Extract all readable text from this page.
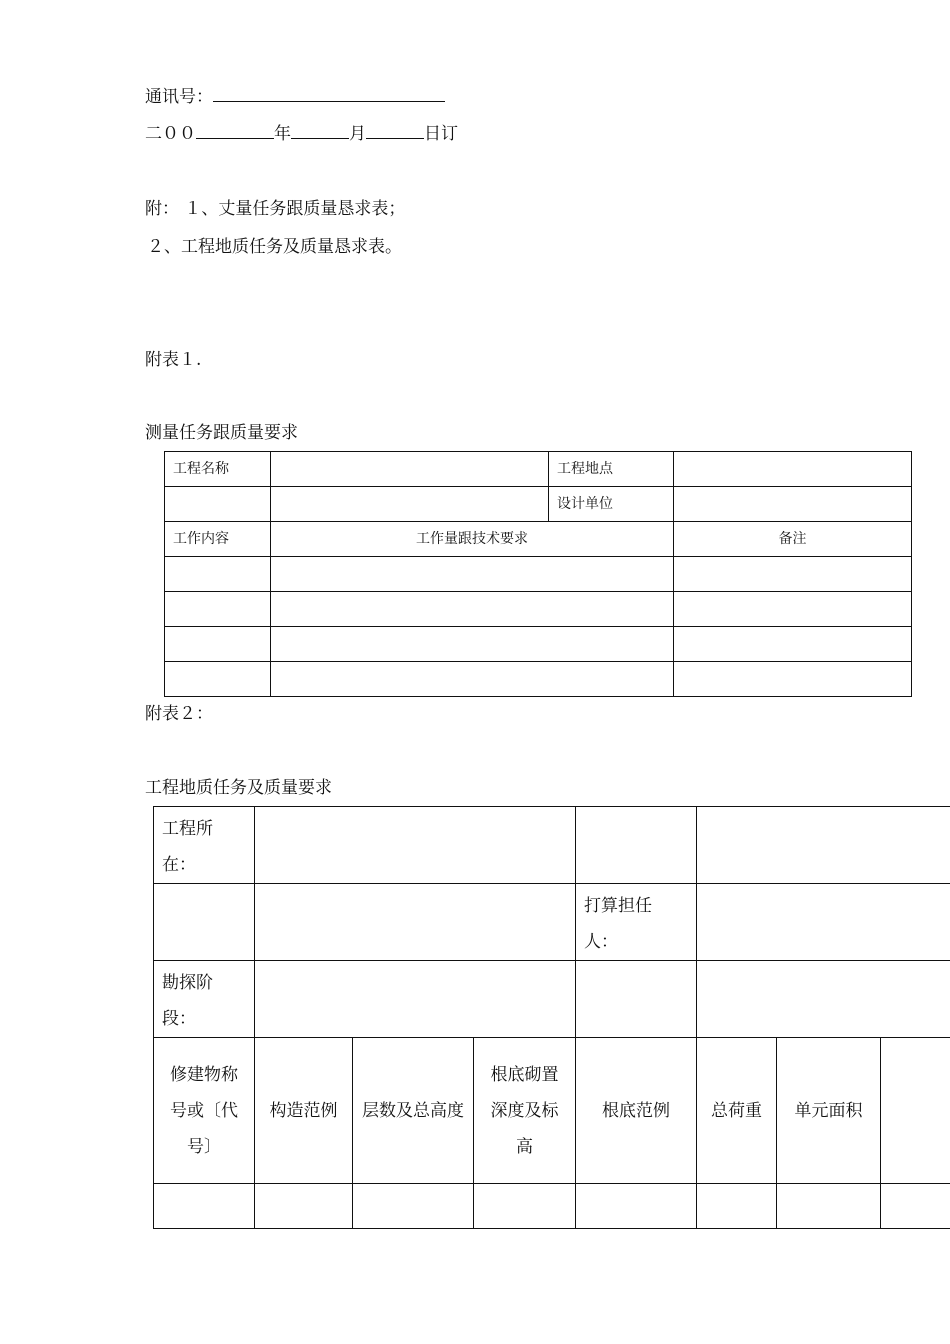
通讯号：
二００	年	月	日订
附： １、丈量任务跟质量恳求表；
２、工程地质任务及质量恳求表。
附表１.
测量任务跟质量要求
工程名称		工程地点	

		设计单位	

工作内容	工作量跟技术要求		备注

附表２：
工程地质任务及质量要求
工程所在：							

				打算担任人：			

勘探阶段：							

修建物称号或〔代号〕	构造范例	层数及总高度	根底砌置深度及标高	根底范例	总荷重	单元面积	
